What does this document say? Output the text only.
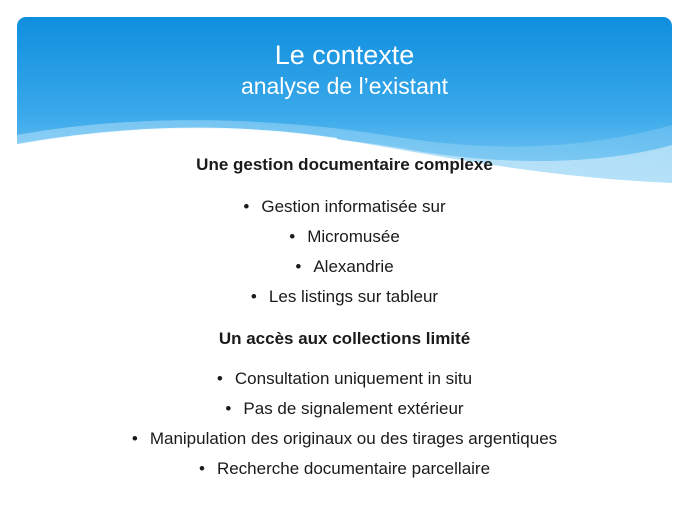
Le contexte
analyse de l’existant

Une gestion documentaire complexe

• Gestion informatisée sur
• Micromusée
• Alexandrie
• Les listings sur tableur

Un accès aux collections limité

• Consultation uniquement in situ
• Pas de signalement extérieur
• Manipulation des originaux ou des tirages argentiques
• Recherche documentaire parcellaire
